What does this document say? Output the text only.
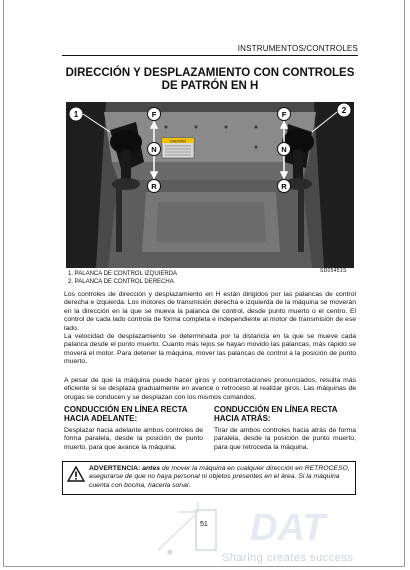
INSTRUMENTOS/CONTROLES
DIRECCIÓN Y DESPLAZAMIENTO CON CONTROLES DE PATRÓN EN H
CAUTION
1	2
F
N
R
F
N
R
SD05451S
1. PALANCA DE CONTROL IZQUIERDA
2. PALANCA DE CONTROL DERECHA

Los controles de dirección y desplazamiento en H están dirigidos por las palancas de control derecha e izquierda. Los motores de transmisión derecha e izquierda de la máquina se moverán en la dirección en la que se mueva la palanca de control, desde punto muerto o el centro. El control de cada lado controla de forma completa e independiente al motor de transmisión de ese lado.

La velocidad de desplazamiento se determinada por la distancia en la que se mueve cada palanca desde el punto muerto. Cuanto más lejos se hayan movido las palancas, más rápido se moverá el motor. Para detener la máquina, mover las palancas de control a la posición de punto muerto.

A pesar de que la máquina puede hacer giros y contrarrotaciones pronunciados, resulta más eficiente si se desplaza gradualmente en avance o retroceso al realizar giros. Las máquinas de orugas se conducen y se desplazan con los mismos comandos.

CONDUCCIÓN EN LÍNEA RECTA HACIA ADELANTE:
CONDUCCIÓN EN LÍNEA RECTA HACIA ATRÁS:

Desplazar hacia adelante ambos controles de forma paralela, desde la posición de punto muerto, para que avance la máquina.

Tirar de ambos controles hacia atrás de forma paralela, desde la posición de punto muerto, para que retroceda la máquina.

ADVERTENCIA: antes de mover la máquina en cualquier dirección en RETROCESO, asegurarse de que no haya personal ni objetos presentes en el área. Si la máquina cuenta con bocina, hacerla sonar.
DAT
51
Sharing creates success
